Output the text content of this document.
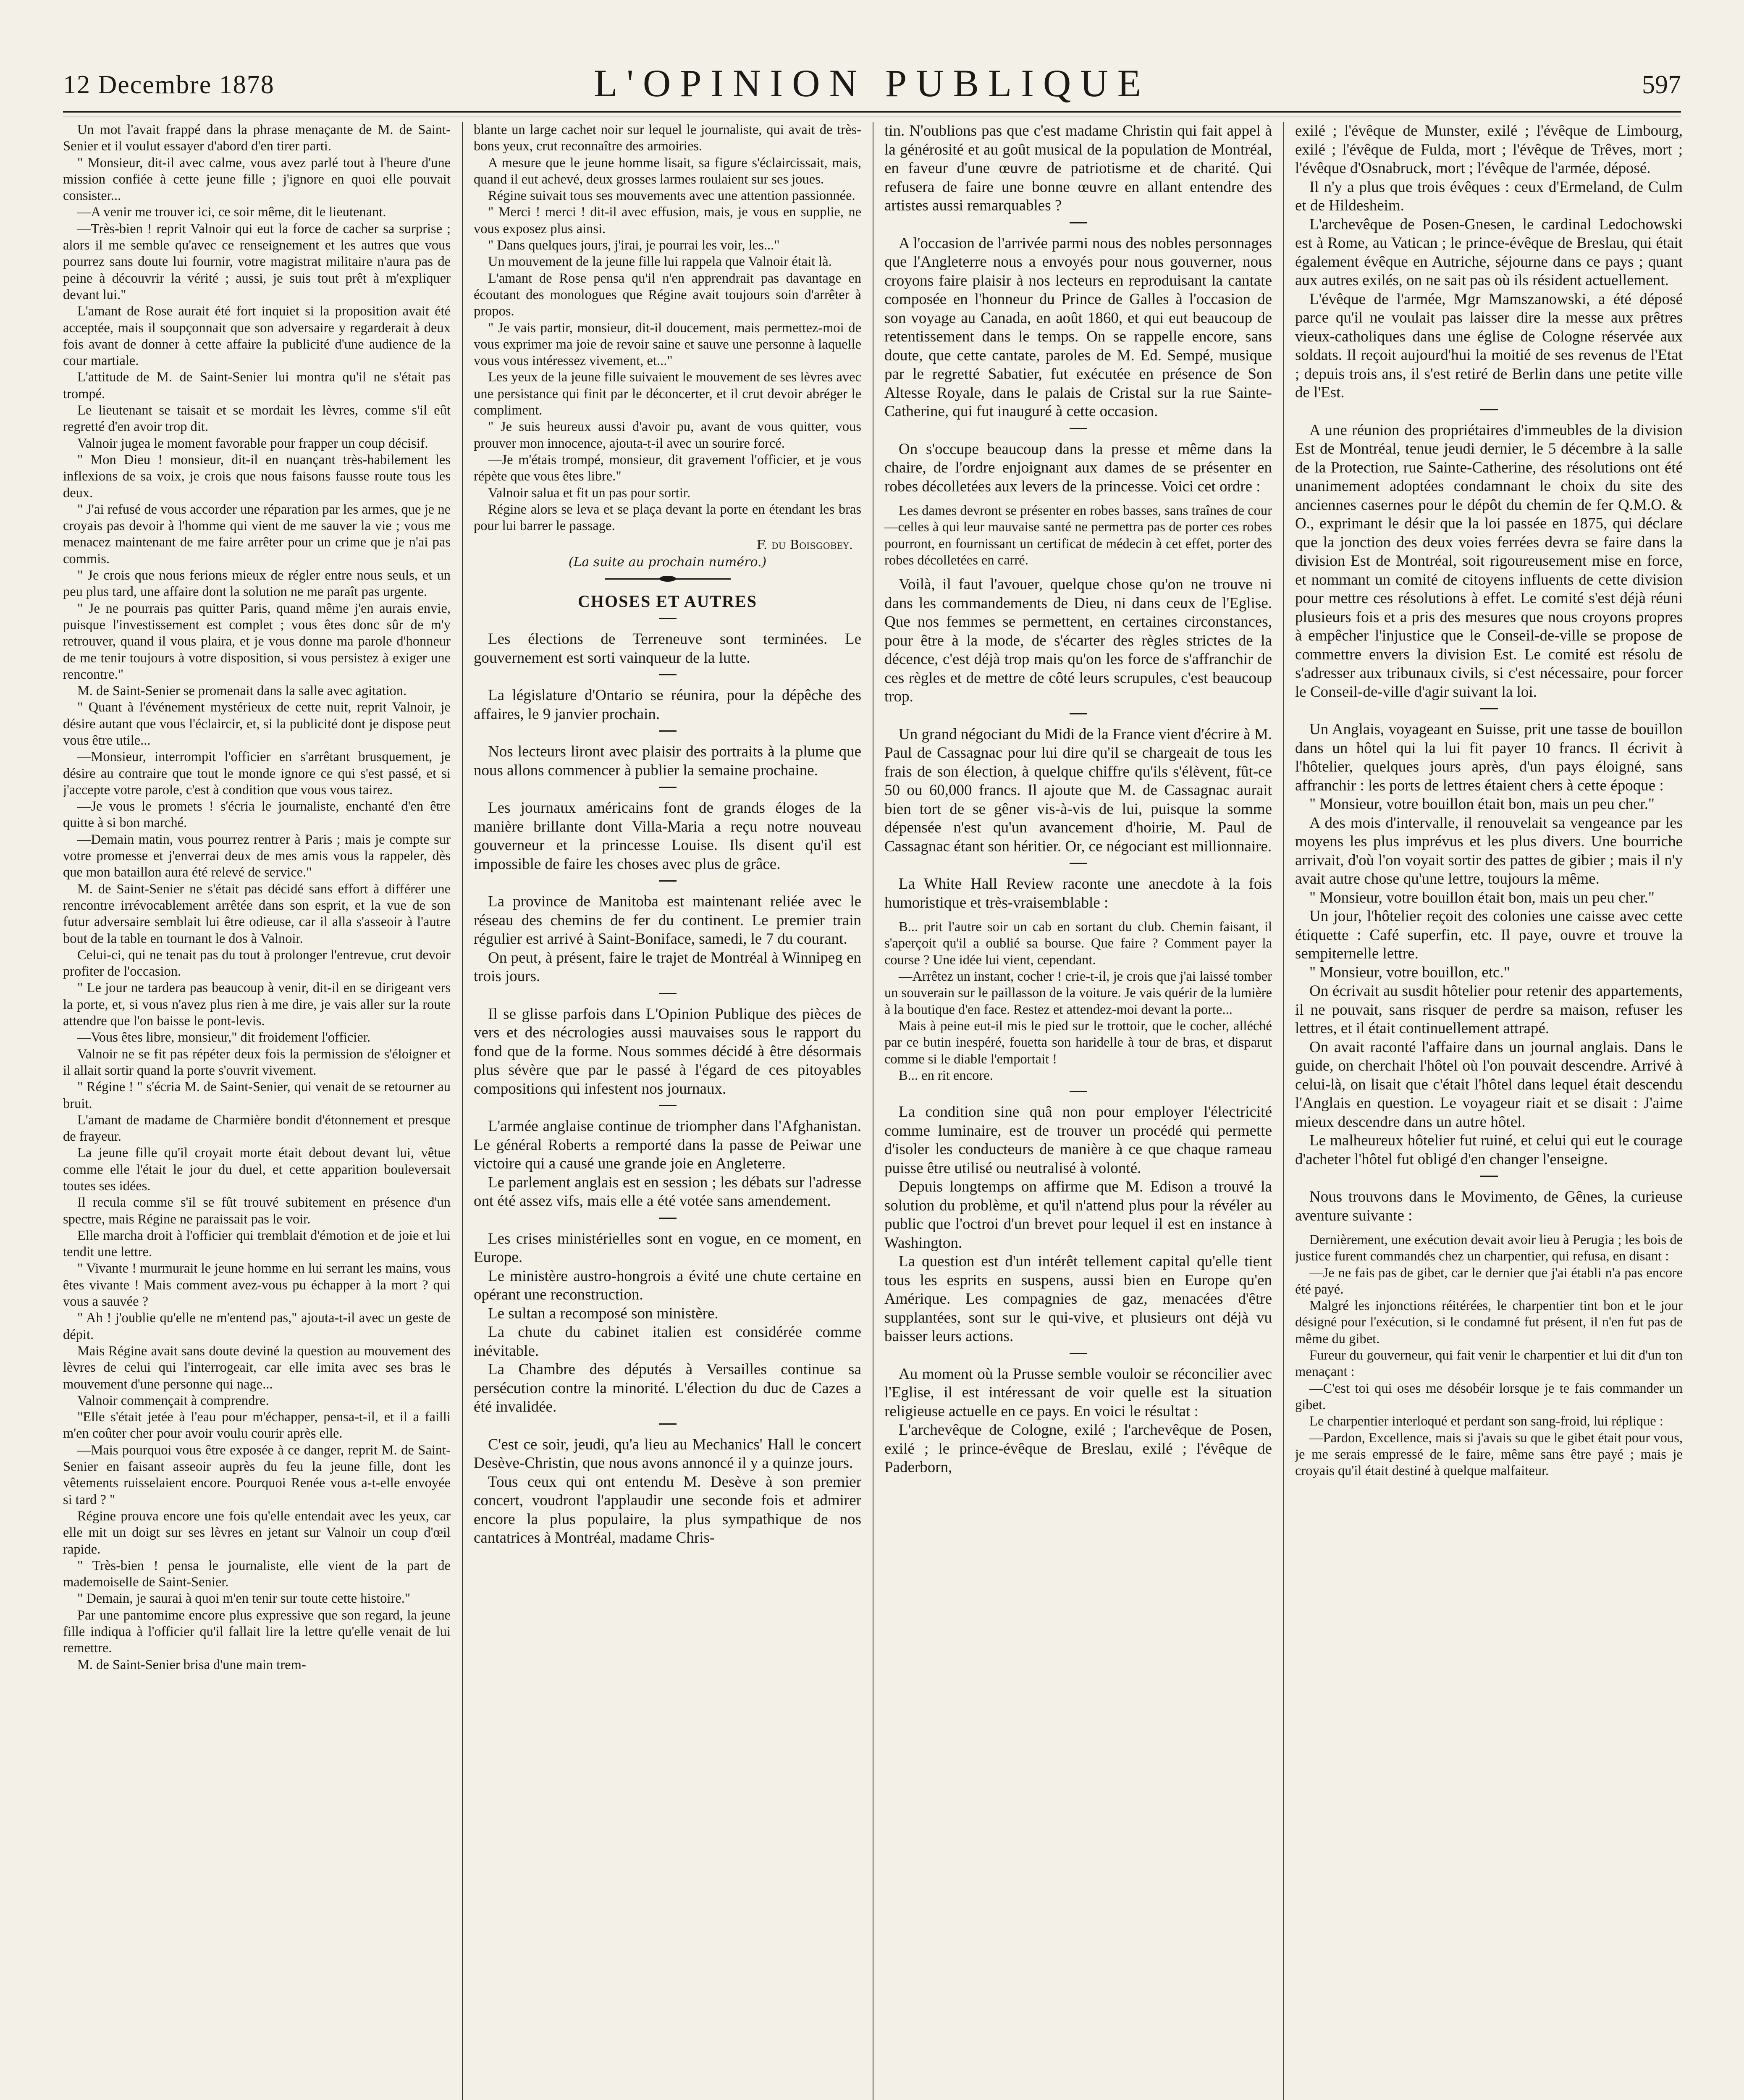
12 Decembre 1878	L'OPINION PUBLIQUE	597

Un mot l'avait frappé dans la phrase menaçante de M. de Saint-Senier et il voulut essayer d'abord d'en tirer parti.

" Monsieur, dit-il avec calme, vous avez parlé tout à l'heure d'une mission confiée à cette jeune fille ; j'ignore en quoi elle pouvait consister...

—A venir me trouver ici, ce soir même, dit le lieutenant.

—Très-bien ! reprit Valnoir qui eut la force de cacher sa surprise ; alors il me semble qu'avec ce renseignement et les autres que vous pourrez sans doute lui fournir, votre magistrat militaire n'aura pas de peine à découvrir la vérité ; aussi, je suis tout prêt à m'expliquer devant lui."

L'amant de Rose aurait été fort inquiet si la proposition avait été acceptée, mais il soupçonnait que son adversaire y regarderait à deux fois avant de donner à cette affaire la publicité d'une audience de la cour martiale.

L'attitude de M. de Saint-Senier lui montra qu'il ne s'était pas trompé.

Le lieutenant se taisait et se mordait les lèvres, comme s'il eût regretté d'en avoir trop dit.

Valnoir jugea le moment favorable pour frapper un coup décisif.

" Mon Dieu ! monsieur, dit-il en nuançant très-habilement les inflexions de sa voix, je crois que nous faisons fausse route tous les deux.

" J'ai refusé de vous accorder une réparation par les armes, que je ne croyais pas devoir à l'homme qui vient de me sauver la vie ; vous me menacez maintenant de me faire arrêter pour un crime que je n'ai pas commis.

" Je crois que nous ferions mieux de régler entre nous seuls, et un peu plus tard, une affaire dont la solution ne me paraît pas urgente.

" Je ne pourrais pas quitter Paris, quand même j'en aurais envie, puisque l'investissement est complet ; vous êtes donc sûr de m'y retrouver, quand il vous plaira, et je vous donne ma parole d'honneur de me tenir toujours à votre disposition, si vous persistez à exiger une rencontre."

M. de Saint-Senier se promenait dans la salle avec agitation.

" Quant à l'événement mystérieux de cette nuit, reprit Valnoir, je désire autant que vous l'éclaircir, et, si la publicité dont je dispose peut vous être utile...

—Monsieur, interrompit l'officier en s'arrêtant brusquement, je désire au contraire que tout le monde ignore ce qui s'est passé, et si j'accepte votre parole, c'est à condition que vous vous tairez.

—Je vous le promets ! s'écria le journaliste, enchanté d'en être quitte à si bon marché.

—Demain matin, vous pourrez rentrer à Paris ; mais je compte sur votre promesse et j'enverrai deux de mes amis vous la rappeler, dès que mon bataillon aura été relevé de service."

M. de Saint-Senier ne s'était pas décidé sans effort à différer une rencontre irrévocablement arrêtée dans son esprit, et la vue de son futur adversaire semblait lui être odieuse, car il alla s'asseoir à l'autre bout de la table en tournant le dos à Valnoir.

Celui-ci, qui ne tenait pas du tout à prolonger l'entrevue, crut devoir profiter de l'occasion.

" Le jour ne tardera pas beaucoup à venir, dit-il en se dirigeant vers la porte, et, si vous n'avez plus rien à me dire, je vais aller sur la route attendre que l'on baisse le pont-levis.

—Vous êtes libre, monsieur," dit froidement l'officier.

Valnoir ne se fit pas répéter deux fois la permission de s'éloigner et il allait sortir quand la porte s'ouvrit vivement.

" Régine ! " s'écria M. de Saint-Senier, qui venait de se retourner au bruit.

L'amant de madame de Charmière bondit d'étonnement et presque de frayeur.

La jeune fille qu'il croyait morte était debout devant lui, vêtue comme elle l'était le jour du duel, et cette apparition bouleversait toutes ses idées.

Il recula comme s'il se fût trouvé subitement en présence d'un spectre, mais Régine ne paraissait pas le voir.

Elle marcha droit à l'officier qui tremblait d'émotion et de joie et lui tendit une lettre.

" Vivante ! murmurait le jeune homme en lui serrant les mains, vous êtes vivante ! Mais comment avez-vous pu échapper à la mort ? qui vous a sauvée ?

" Ah ! j'oublie qu'elle ne m'entend pas," ajouta-t-il avec un geste de dépit.

Mais Régine avait sans doute deviné la question au mouvement des lèvres de celui qui l'interrogeait, car elle imita avec ses bras le mouvement d'une personne qui nage...

Valnoir commençait à comprendre.

"Elle s'était jetée à l'eau pour m'échapper, pensa-t-il, et il a failli m'en coûter cher pour avoir voulu courir après elle.

—Mais pourquoi vous être exposée à ce danger, reprit M. de Saint-Senier en faisant asseoir auprès du feu la jeune fille, dont les vêtements ruisselaient encore. Pourquoi Renée vous a-t-elle envoyée si tard ? "

Régine prouva encore une fois qu'elle entendait avec les yeux, car elle mit un doigt sur ses lèvres en jetant sur Valnoir un coup d'œil rapide.

" Très-bien ! pensa le journaliste, elle vient de la part de mademoiselle de Saint-Senier.

" Demain, je saurai à quoi m'en tenir sur toute cette histoire."

Par une pantomime encore plus expressive que son regard, la jeune fille indiqua à l'officier qu'il fallait lire la lettre qu'elle venait de lui remettre.

M. de Saint-Senier brisa d'une main trem-

blante un large cachet noir sur lequel le journaliste, qui avait de très-bons yeux, crut reconnaître des armoiries.

A mesure que le jeune homme lisait, sa figure s'éclaircissait, mais, quand il eut achevé, deux grosses larmes roulaient sur ses joues.

Régine suivait tous ses mouvements avec une attention passionnée.

" Merci ! merci ! dit-il avec effusion, mais, je vous en supplie, ne vous exposez plus ainsi.

" Dans quelques jours, j'irai, je pourrai les voir, les..."

Un mouvement de la jeune fille lui rappela que Valnoir était là.

L'amant de Rose pensa qu'il n'en apprendrait pas davantage en écoutant des monologues que Régine avait toujours soin d'arrêter à propos.

" Je vais partir, monsieur, dit-il doucement, mais permettez-moi de vous exprimer ma joie de revoir saine et sauve une personne à laquelle vous vous intéressez vivement, et..."

Les yeux de la jeune fille suivaient le mouvement de ses lèvres avec une persistance qui finit par le déconcerter, et il crut devoir abréger le compliment.

" Je suis heureux aussi d'avoir pu, avant de vous quitter, vous prouver mon innocence, ajouta-t-il avec un sourire forcé.

—Je m'étais trompé, monsieur, dit gravement l'officier, et je vous répète que vous êtes libre."

Valnoir salua et fit un pas pour sortir.

Régine alors se leva et se plaça devant la porte en étendant les bras pour lui barrer le passage.

F. du Boisgobey.
(La suite au prochain numéro.)
CHOSES ET AUTRES

Les élections de Terreneuve sont terminées. Le gouvernement est sorti vainqueur de la lutte.

La législature d'Ontario se réunira, pour la dépêche des affaires, le 9 janvier prochain.

Nos lecteurs liront avec plaisir des portraits à la plume que nous allons commencer à publier la semaine prochaine.

Les journaux américains font de grands éloges de la manière brillante dont Villa-Maria a reçu notre nouveau gouverneur et la princesse Louise. Ils disent qu'il est impossible de faire les choses avec plus de grâce.

La province de Manitoba est maintenant reliée avec le réseau des chemins de fer du continent. Le premier train régulier est arrivé à Saint-Boniface, samedi, le 7 du courant.

On peut, à présent, faire le trajet de Montréal à Winnipeg en trois jours.

Il se glisse parfois dans L'Opinion Publique des pièces de vers et des nécrologies aussi mauvaises sous le rapport du fond que de la forme. Nous sommes décidé à être désormais plus sévère que par le passé à l'égard de ces pitoyables compositions qui infestent nos journaux.

L'armée anglaise continue de triompher dans l'Afghanistan. Le général Roberts a remporté dans la passe de Peiwar une victoire qui a causé une grande joie en Angleterre.

Le parlement anglais est en session ; les débats sur l'adresse ont été assez vifs, mais elle a été votée sans amendement.

Les crises ministérielles sont en vogue, en ce moment, en Europe.

Le ministère austro-hongrois a évité une chute certaine en opérant une reconstruction.

Le sultan a recomposé son ministère.

La chute du cabinet italien est considérée comme inévitable.

La Chambre des députés à Versailles continue sa persécution contre la minorité. L'élection du duc de Cazes a été invalidée.

C'est ce soir, jeudi, qu'a lieu au Mechanics' Hall le concert Desève-Christin, que nous avons annoncé il y a quinze jours.

Tous ceux qui ont entendu M. Desève à son premier concert, voudront l'applaudir une seconde fois et admirer encore la plus populaire, la plus sympathique de nos cantatrices à Montréal, madame Chris-

tin. N'oublions pas que c'est madame Christin qui fait appel à la générosité et au goût musical de la population de Montréal, en faveur d'une œuvre de patriotisme et de charité. Qui refusera de faire une bonne œuvre en allant entendre des artistes aussi remarquables ?

A l'occasion de l'arrivée parmi nous des nobles personnages que l'Angleterre nous a envoyés pour nous gouverner, nous croyons faire plaisir à nos lecteurs en reproduisant la cantate composée en l'honneur du Prince de Galles à l'occasion de son voyage au Canada, en août 1860, et qui eut beaucoup de retentissement dans le temps. On se rappelle encore, sans doute, que cette cantate, paroles de M. Ed. Sempé, musique par le regretté Sabatier, fut exécutée en présence de Son Altesse Royale, dans le palais de Cristal sur la rue Sainte-Catherine, qui fut inauguré à cette occasion.

On s'occupe beaucoup dans la presse et même dans la chaire, de l'ordre enjoignant aux dames de se présenter en robes décolletées aux levers de la princesse. Voici cet ordre :

Les dames devront se présenter en robes basses, sans traînes de cour—celles à qui leur mauvaise santé ne permettra pas de porter ces robes pourront, en fournissant un certificat de médecin à cet effet, porter des robes décolletées en carré.

Voilà, il faut l'avouer, quelque chose qu'on ne trouve ni dans les commandements de Dieu, ni dans ceux de l'Eglise. Que nos femmes se permettent, en certaines circonstances, pour être à la mode, de s'écarter des règles strictes de la décence, c'est déjà trop mais qu'on les force de s'affranchir de ces règles et de mettre de côté leurs scrupules, c'est beaucoup trop.

Un grand négociant du Midi de la France vient d'écrire à M. Paul de Cassagnac pour lui dire qu'il se chargeait de tous les frais de son élection, à quelque chiffre qu'ils s'élèvent, fût-ce 50 ou 60,000 francs. Il ajoute que M. de Cassagnac aurait bien tort de se gêner vis-à-vis de lui, puisque la somme dépensée n'est qu'un avancement d'hoirie, M. Paul de Cassagnac étant son héritier. Or, ce négociant est millionnaire.

La White Hall Review raconte une anecdote à la fois humoristique et très-vraisemblable :

B... prit l'autre soir un cab en sortant du club. Chemin faisant, il s'aperçoit qu'il a oublié sa bourse. Que faire ? Comment payer la course ? Une idée lui vient, cependant.

—Arrêtez un instant, cocher ! crie-t-il, je crois que j'ai laissé tomber un souverain sur le paillasson de la voiture. Je vais quérir de la lumière à la boutique d'en face. Restez et attendez-moi devant la porte...

Mais à peine eut-il mis le pied sur le trottoir, que le cocher, alléché par ce butin inespéré, fouetta son haridelle à tour de bras, et disparut comme si le diable l'emportait !

B... en rit encore.

La condition sine quâ non pour employer l'électricité comme luminaire, est de trouver un procédé qui permette d'isoler les conducteurs de manière à ce que chaque rameau puisse être utilisé ou neutralisé à volonté.

Depuis longtemps on affirme que M. Edison a trouvé la solution du problème, et qu'il n'attend plus pour la révéler au public que l'octroi d'un brevet pour lequel il est en instance à Washington.

La question est d'un intérêt tellement capital qu'elle tient tous les esprits en suspens, aussi bien en Europe qu'en Amérique. Les compagnies de gaz, menacées d'être supplantées, sont sur le qui-vive, et plusieurs ont déjà vu baisser leurs actions.

Au moment où la Prusse semble vouloir se réconcilier avec l'Eglise, il est intéressant de voir quelle est la situation religieuse actuelle en ce pays. En voici le résultat :

L'archevêque de Cologne, exilé ; l'archevêque de Posen, exilé ; le prince-évêque de Breslau, exilé ; l'évêque de Paderborn,

exilé ; l'évêque de Munster, exilé ; l'évêque de Limbourg, exilé ; l'évêque de Fulda, mort ; l'évêque de Trêves, mort ; l'évêque d'Osnabruck, mort ; l'évêque de l'armée, déposé.

Il n'y a plus que trois évêques : ceux d'Ermeland, de Culm et de Hildesheim.

L'archevêque de Posen-Gnesen, le cardinal Ledochowski est à Rome, au Vatican ; le prince-évêque de Breslau, qui était également évêque en Autriche, séjourne dans ce pays ; quant aux autres exilés, on ne sait pas où ils résident actuellement.

L'évêque de l'armée, Mgr Mamszanowski, a été déposé parce qu'il ne voulait pas laisser dire la messe aux prêtres vieux-catholiques dans une église de Cologne réservée aux soldats. Il reçoit aujourd'hui la moitié de ses revenus de l'Etat ; depuis trois ans, il s'est retiré de Berlin dans une petite ville de l'Est.

A une réunion des propriétaires d'immeubles de la division Est de Montréal, tenue jeudi dernier, le 5 décembre à la salle de la Protection, rue Sainte-Catherine, des résolutions ont été unanimement adoptées condamnant le choix du site des anciennes casernes pour le dépôt du chemin de fer Q.M.O. & O., exprimant le désir que la loi passée en 1875, qui déclare que la jonction des deux voies ferrées devra se faire dans la division Est de Montréal, soit rigoureusement mise en force, et nommant un comité de citoyens influents de cette division pour mettre ces résolutions à effet. Le comité s'est déjà réuni plusieurs fois et a pris des mesures que nous croyons propres à empêcher l'injustice que le Conseil-de-ville se propose de commettre envers la division Est. Le comité est résolu de s'adresser aux tribunaux civils, si c'est nécessaire, pour forcer le Conseil-de-ville d'agir suivant la loi.

Un Anglais, voyageant en Suisse, prit une tasse de bouillon dans un hôtel qui la lui fit payer 10 francs. Il écrivit à l'hôtelier, quelques jours après, d'un pays éloigné, sans affranchir : les ports de lettres étaient chers à cette époque :

" Monsieur, votre bouillon était bon, mais un peu cher."

A des mois d'intervalle, il renouvelait sa vengeance par les moyens les plus imprévus et les plus divers. Une bourriche arrivait, d'où l'on voyait sortir des pattes de gibier ; mais il n'y avait autre chose qu'une lettre, toujours la même.

" Monsieur, votre bouillon était bon, mais un peu cher."

Un jour, l'hôtelier reçoit des colonies une caisse avec cette étiquette : Café superfin, etc. Il paye, ouvre et trouve la sempiternelle lettre.

" Monsieur, votre bouillon, etc."

On écrivait au susdit hôtelier pour retenir des appartements, il ne pouvait, sans risquer de perdre sa maison, refuser les lettres, et il était continuellement attrapé.

On avait raconté l'affaire dans un journal anglais. Dans le guide, on cherchait l'hôtel où l'on pouvait descendre. Arrivé à celui-là, on lisait que c'était l'hôtel dans lequel était descendu l'Anglais en question. Le voyageur riait et se disait : J'aime mieux descendre dans un autre hôtel.

Le malheureux hôtelier fut ruiné, et celui qui eut le courage d'acheter l'hôtel fut obligé d'en changer l'enseigne.

Nous trouvons dans le Movimento, de Gênes, la curieuse aventure suivante :

Dernièrement, une exécution devait avoir lieu à Perugia ; les bois de justice furent commandés chez un charpentier, qui refusa, en disant :

—Je ne fais pas de gibet, car le dernier que j'ai établi n'a pas encore été payé.

Malgré les injonctions réitérées, le charpentier tint bon et le jour désigné pour l'exécution, si le condamné fut présent, il n'en fut pas de même du gibet.

Fureur du gouverneur, qui fait venir le charpentier et lui dit d'un ton menaçant :

—C'est toi qui oses me désobéir lorsque je te fais commander un gibet.

Le charpentier interloqué et perdant son sang-froid, lui réplique :

—Pardon, Excellence, mais si j'avais su que le gibet était pour vous, je me serais empressé de le faire, même sans être payé ; mais je croyais qu'il était destiné à quelque malfaiteur.
